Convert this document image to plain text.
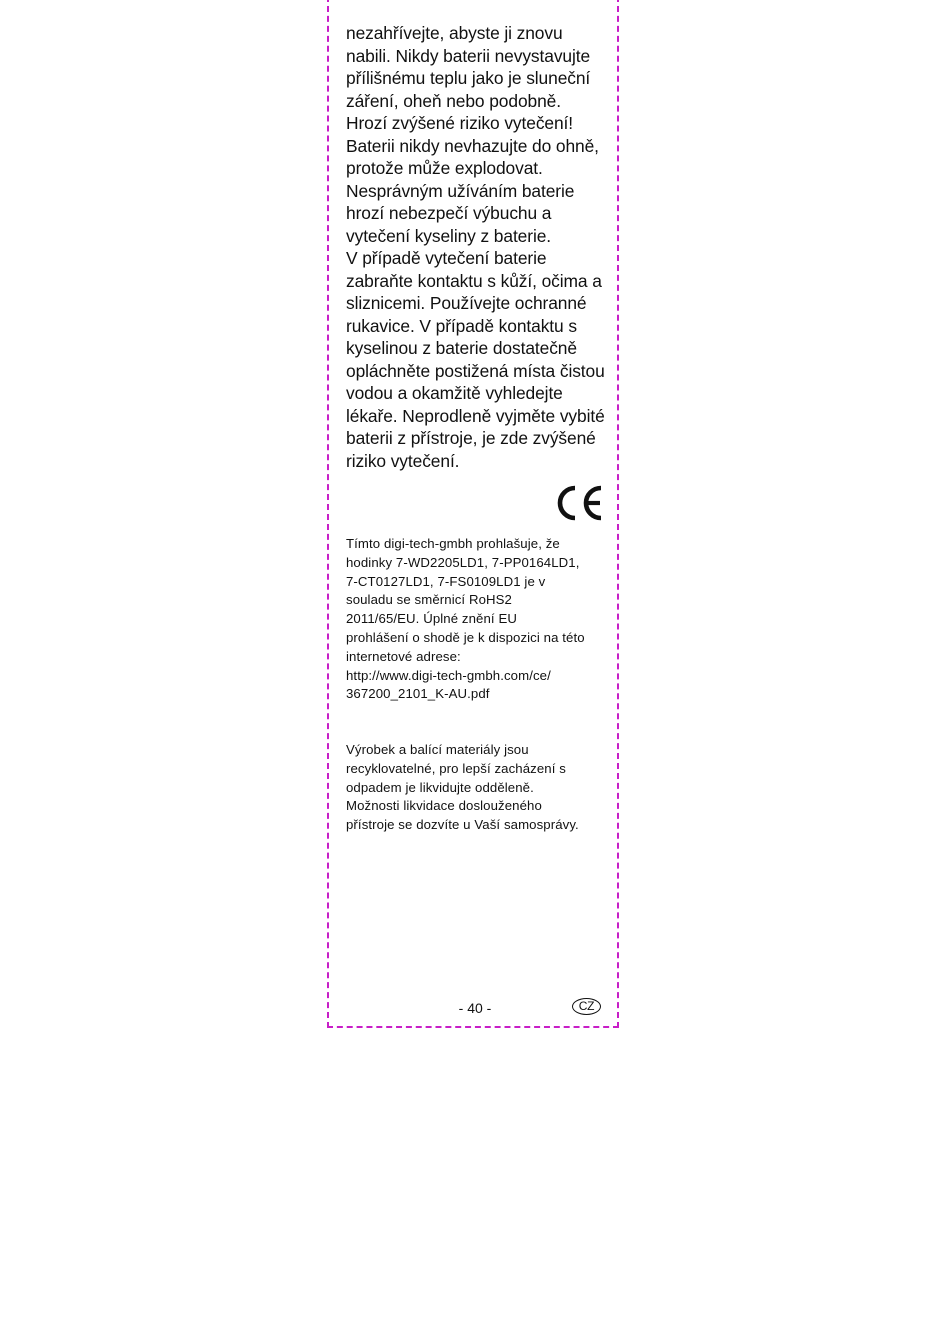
nezahřívejte, abyste ji znovu

nabili. Nikdy baterii nevystavujte

přílišnému teplu jako je sluneční

záření, oheň nebo podobně.

Hrozí zvýšené riziko vytečení!

Baterii nikdy nevhazujte do ohně,

protože může explodovat.

Nesprávným užíváním baterie

hrozí nebezpečí výbuchu a

vytečení kyseliny z baterie.

V případě vytečení baterie

zabraňte kontaktu s kůží, očima a

sliznicemi. Používejte ochranné

rukavice. V případě kontaktu s

kyselinou z baterie dostatečně

opláchněte postižená místa čistou

vodou a okamžitě vyhledejte

lékaře. Neprodleně vyjměte vybité

baterii z přístroje, je zde zvýšené

riziko vytečení.

Tímto digi-tech-gmbh prohlašuje, že
hodinky 7-WD2205LD1, 7-PP0164LD1,
7-CT0127LD1, 7-FS0109LD1 je v
souladu se směrnicí RoHS2
2011/65/EU. Úplné znění EU
prohlášení o shodě je k dispozici na této
internetové adrese:
http://www.digi-tech-gmbh.com/ce/
367200_2101_K-AU.pdf
Výrobek a balící materiály jsou
recyklovatelné, pro lepší zacházení s
odpadem je likvidujte odděleně.
Možnosti likvidace doslouženého
přístroje se dozvíte u Vaší samosprávy.
- 40 -	CZ
